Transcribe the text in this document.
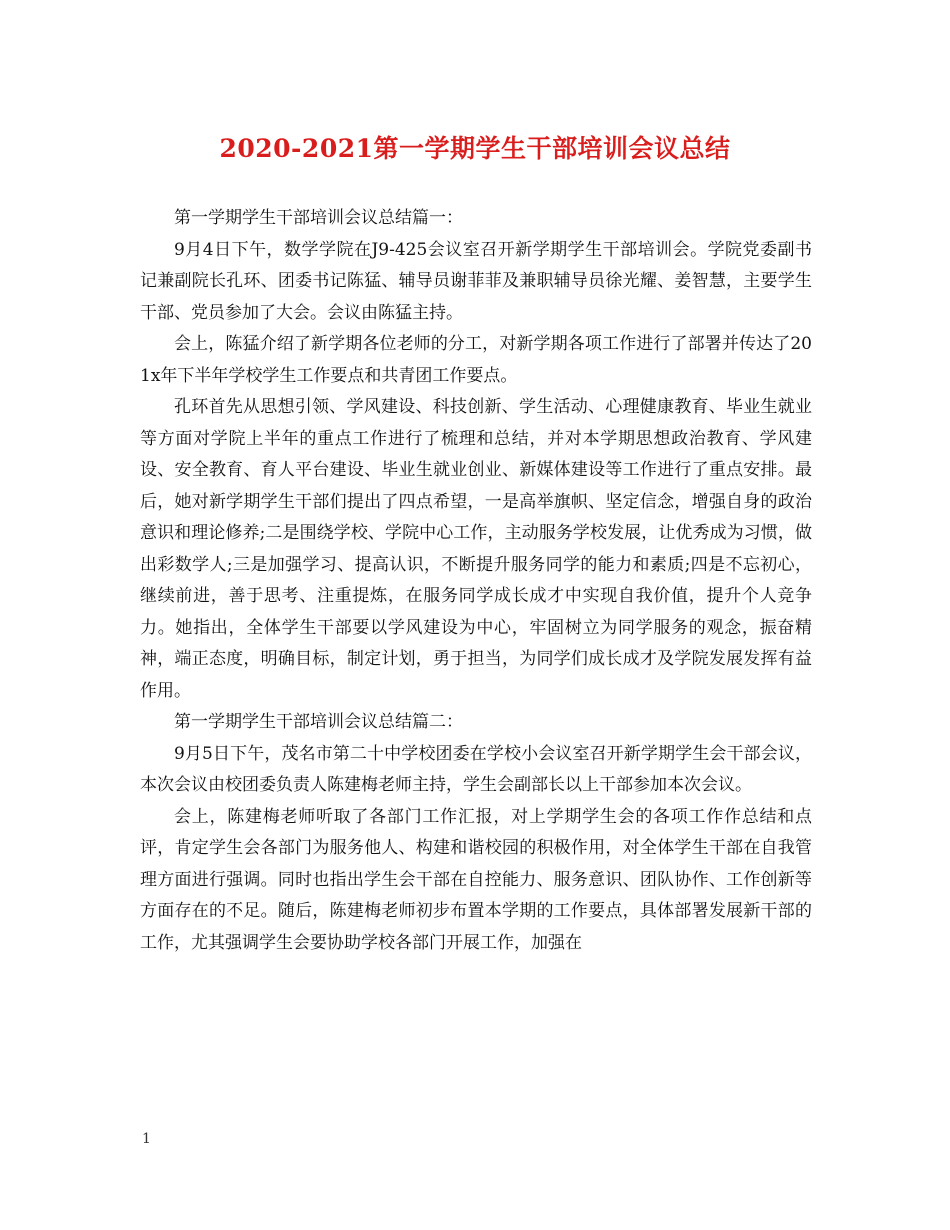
2020-2021第一学期学生干部培训会议总结

第一学期学生干部培训会议总结篇一：

9月4日下午，数学学院在J9-425会议室召开新学期学生干部培训会。学院党委副书记兼副院长孔环、团委书记陈猛、辅导员谢菲菲及兼职辅导员徐光耀、姜智慧，主要学生干部、党员参加了大会。会议由陈猛主持。

会上，陈猛介绍了新学期各位老师的分工，对新学期各项工作进行了部署并传达了201x年下半年学校学生工作要点和共青团工作要点。

孔环首先从思想引领、学风建设、科技创新、学生活动、心理健康教育、毕业生就业等方面对学院上半年的重点工作进行了梳理和总结，并对本学期思想政治教育、学风建设、安全教育、育人平台建设、毕业生就业创业、新媒体建设等工作进行了重点安排。最后，她对新学期学生干部们提出了四点希望，一是高举旗帜、坚定信念，增强自身的政治意识和理论修养;二是围绕学校、学院中心工作，主动服务学校发展，让优秀成为习惯，做出彩数学人;三是加强学习、提高认识，不断提升服务同学的能力和素质;四是不忘初心，继续前进，善于思考、注重提炼，在服务同学成长成才中实现自我价值，提升个人竞争力。她指出，全体学生干部要以学风建设为中心，牢固树立为同学服务的观念，振奋精神，端正态度，明确目标，制定计划，勇于担当，为同学们成长成才及学院发展发挥有益作用。

第一学期学生干部培训会议总结篇二：

9月5日下午，茂名市第二十中学校团委在学校小会议室召开新学期学生会干部会议，本次会议由校团委负责人陈建梅老师主持，学生会副部长以上干部参加本次会议。

会上，陈建梅老师听取了各部门工作汇报，对上学期学生会的各项工作作总结和点评，肯定学生会各部门为服务他人、构建和谐校园的积极作用，对全体学生干部在自我管理方面进行强调。同时也指出学生会干部在自控能力、服务意识、团队协作、工作创新等方面存在的不足。随后，陈建梅老师初步布置本学期的工作要点，具体部署发展新干部的工作，尤其强调学生会要协助学校各部门开展工作，加强在

1
